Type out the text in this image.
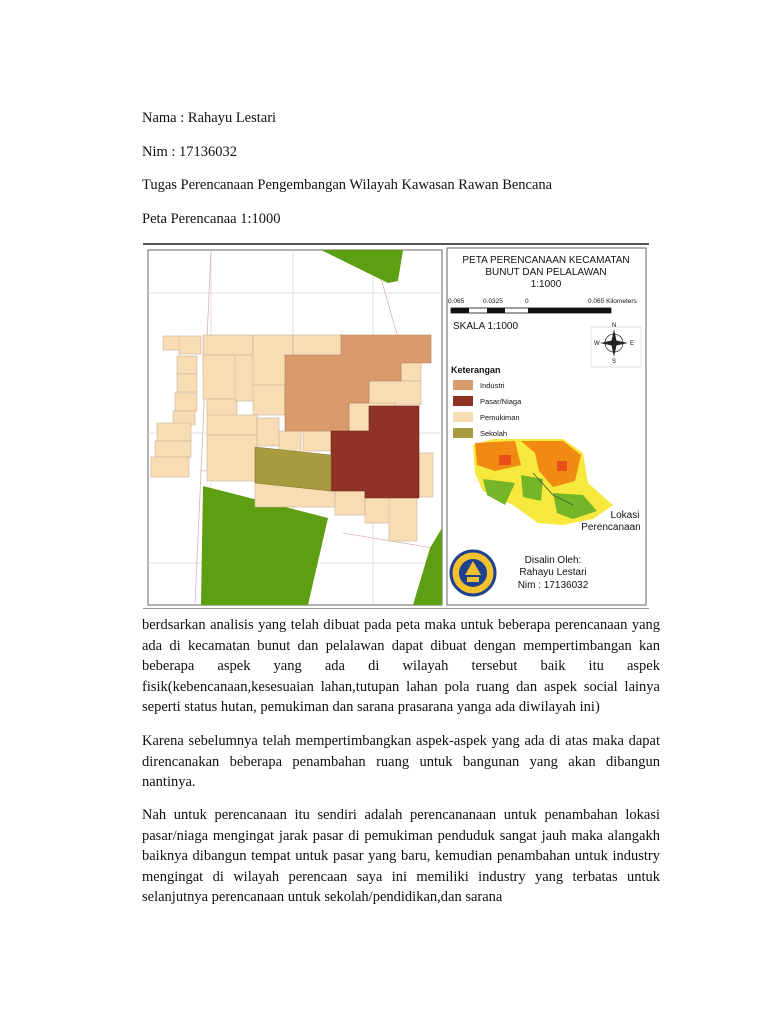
Nama : Rahayu Lestari
Nim : 17136032
Tugas Perencanaan Pengembangan Wilayah Kawasan Rawan Bencana
Peta Perencanaa 1:1000
PETA PERENCANAAN KECAMATAN
BUNUT DAN PELALAWAN
1:1000
0.065	0.0325	0	0.065 Kilometers
SKALA 1:1000	N
S
E
W
Keterangan
Industri
Pasar/Niaga
Pemukiman
Sekolah
Lokasi
Perencanaan
Disalin Oleh:
Rahayu Lestari
Nim : 17136032
berdsarkan analisis yang telah dibuat pada peta maka untuk beberapa perencanaan yang ada di kecamatan bunut dan pelalawan dapat dibuat dengan mempertimbangan kan beberapa aspek yang ada di wilayah tersebut baik itu aspek fisik(kebencanaan,kesesuaian lahan,tutupan lahan pola ruang dan aspek social lainya seperti status hutan, pemukiman dan sarana prasarana yanga ada diwilayah ini)
Karena sebelumnya telah mempertimbangkan aspek-aspek yang ada di atas maka dapat direncanakan beberapa penambahan ruang untuk bangunan yang akan dibangun nantinya.
Nah untuk perencanaan itu sendiri adalah perencananaan untuk penambahan lokasi pasar/niaga mengingat jarak pasar di pemukiman penduduk sangat jauh maka alangakh baiknya dibangun tempat untuk pasar yang baru, kemudian penambahan untuk industry mengingat di wilayah perencaan saya ini memiliki industry yang terbatas untuk selanjutnya perencanaan untuk sekolah/pendidikan,dan sarana
